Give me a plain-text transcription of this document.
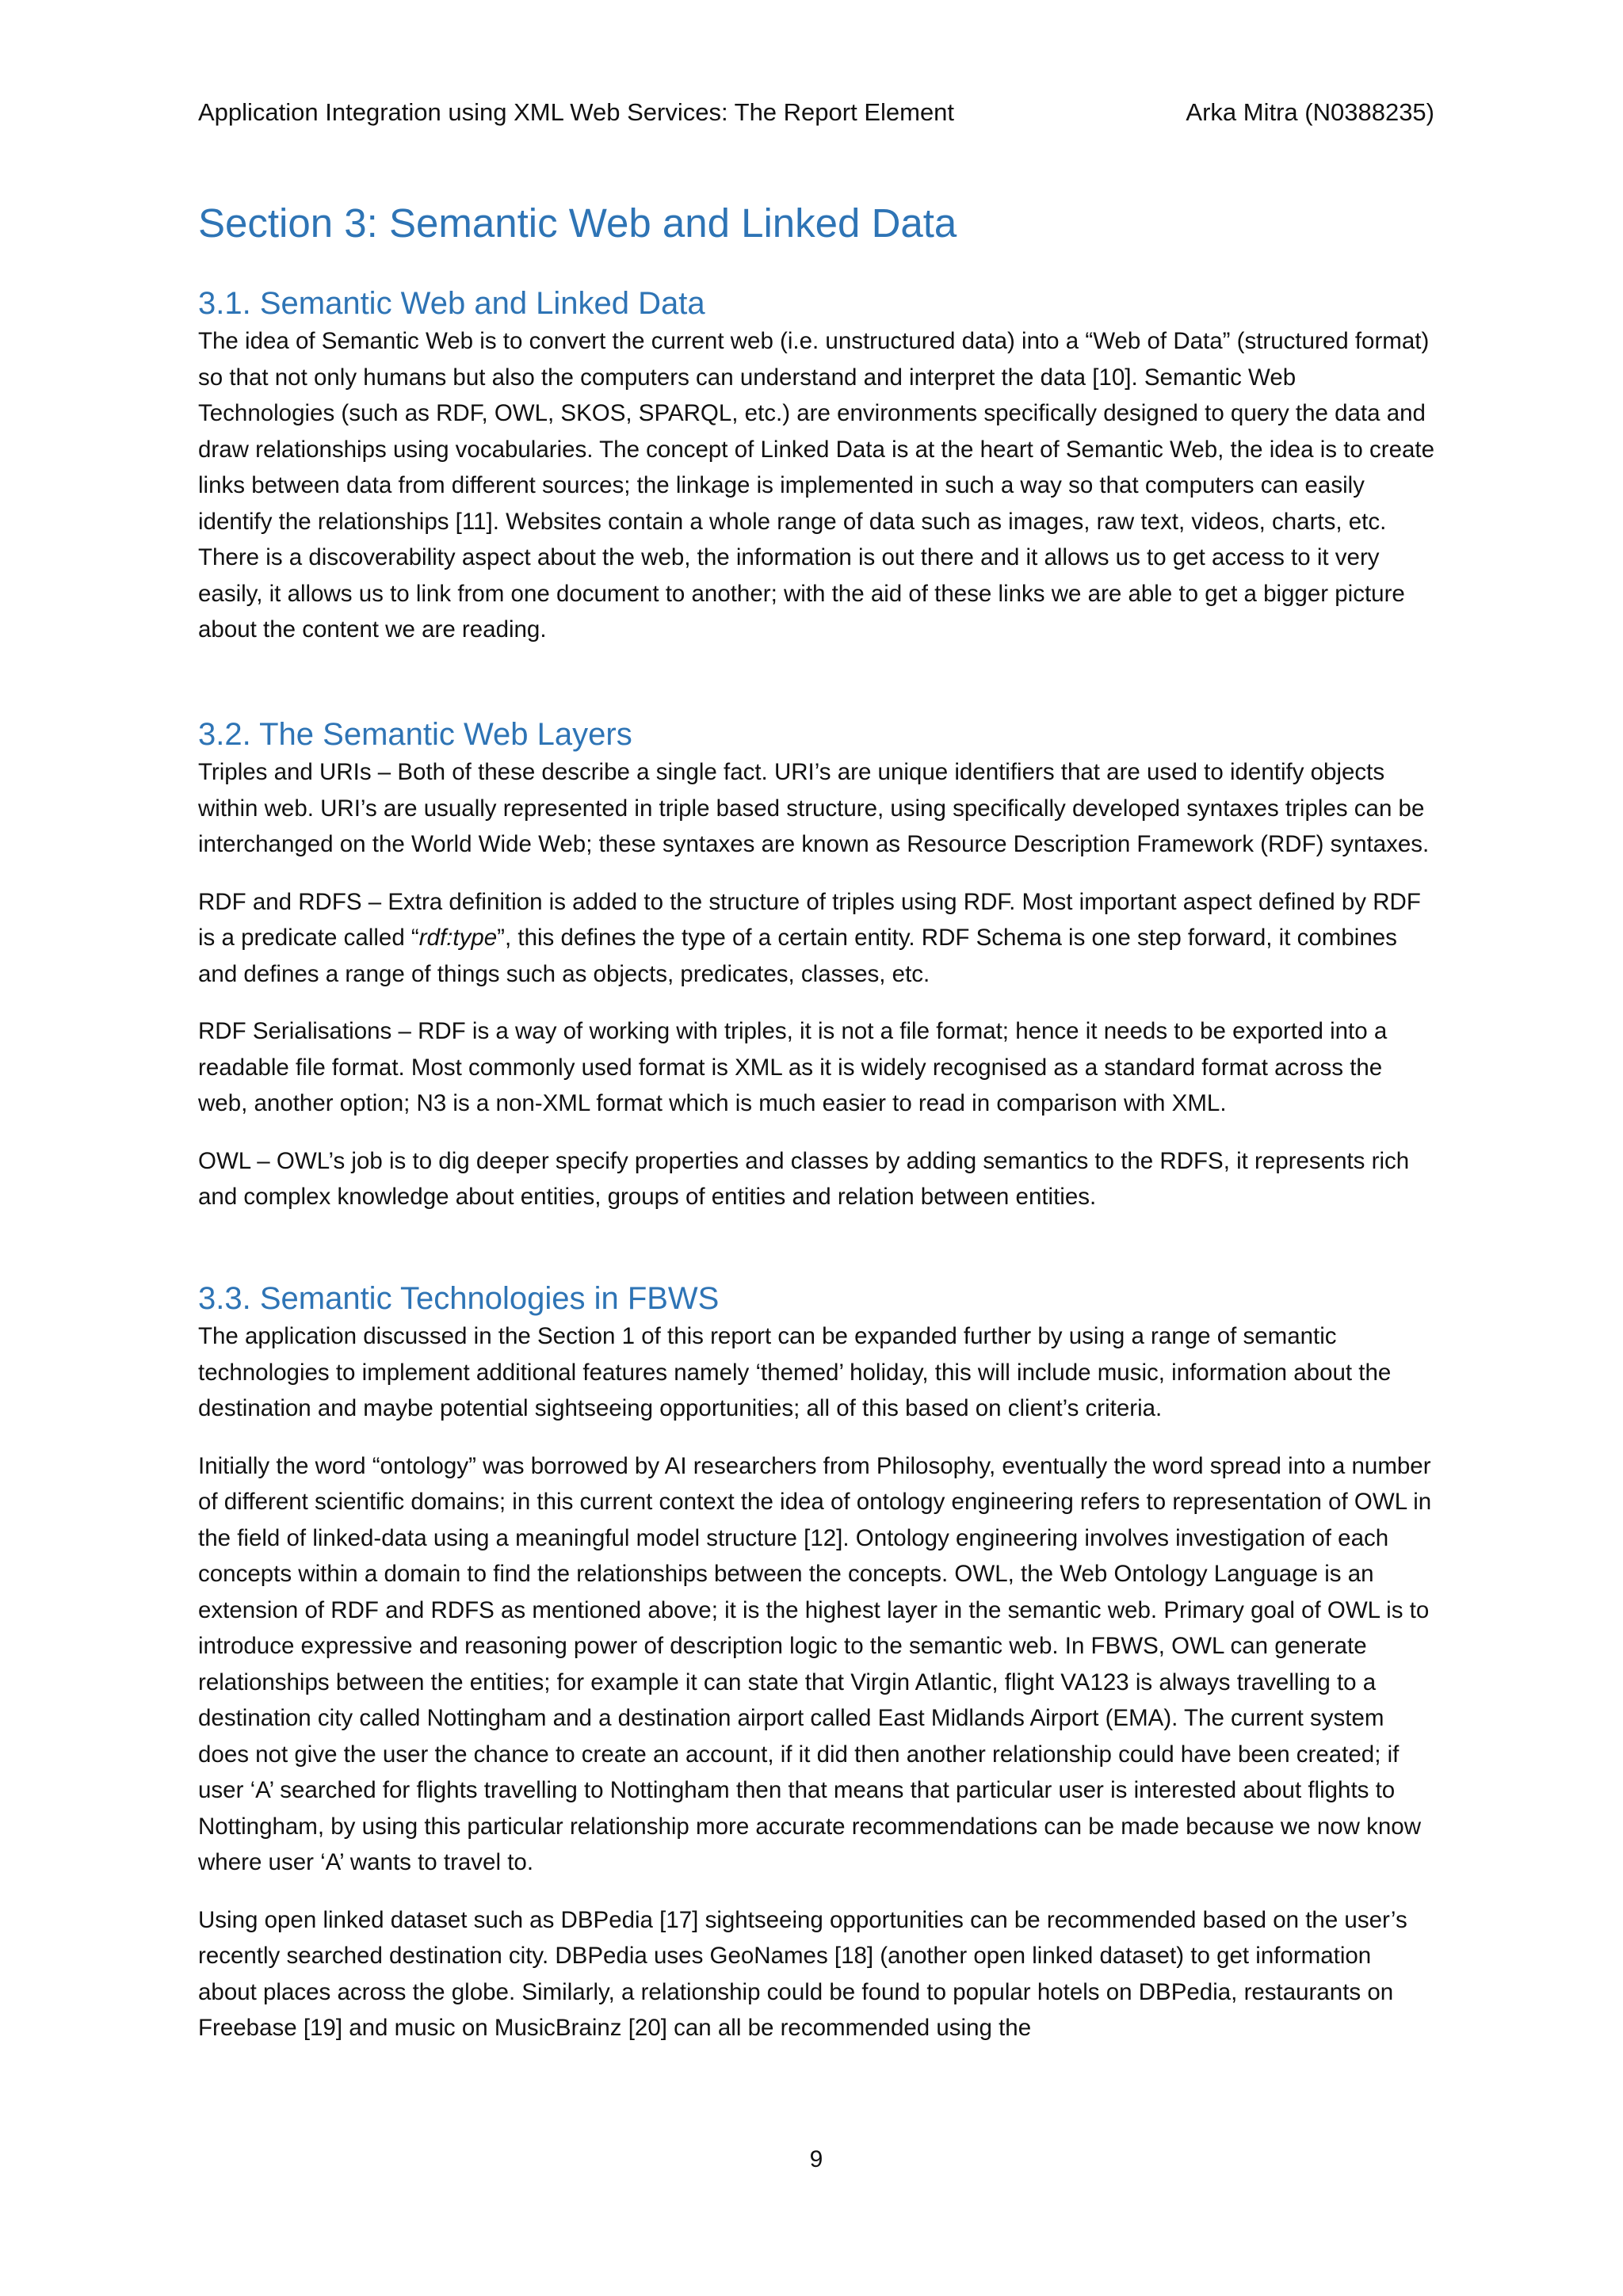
Application Integration using XML Web Services: The Report Element	Arka Mitra (N0388235)
Section 3: Semantic Web and Linked Data
3.1. Semantic Web and Linked Data

The idea of Semantic Web is to convert the current web (i.e. unstructured data) into a “Web of Data” (structured format) so that not only humans but also the computers can understand and interpret the data [10]. Semantic Web Technologies (such as RDF, OWL, SKOS, SPARQL, etc.) are environments specifically designed to query the data and draw relationships using vocabularies. The concept of Linked Data is at the heart of Semantic Web, the idea is to create links between data from different sources; the linkage is implemented in such a way so that computers can easily identify the relationships [11]. Websites contain a whole range of data such as images, raw text, videos, charts, etc. There is a discoverability aspect about the web, the information is out there and it allows us to get access to it very easily, it allows us to link from one document to another; with the aid of these links we are able to get a bigger picture about the content we are reading.

3.2. The Semantic Web Layers

Triples and URIs – Both of these describe a single fact. URI’s are unique identifiers that are used to identify objects within web. URI’s are usually represented in triple based structure, using specifically developed syntaxes triples can be interchanged on the World Wide Web; these syntaxes are known as Resource Description Framework (RDF) syntaxes.

RDF and RDFS – Extra definition is added to the structure of triples using RDF. Most important aspect defined by RDF is a predicate called “rdf:type”, this defines the type of a certain entity. RDF Schema is one step forward, it combines and defines a range of things such as objects, predicates, classes, etc.

RDF Serialisations – RDF is a way of working with triples, it is not a file format; hence it needs to be exported into a readable file format. Most commonly used format is XML as it is widely recognised as a standard format across the web, another option; N3 is a non-XML format which is much easier to read in comparison with XML.

OWL – OWL’s job is to dig deeper specify properties and classes by adding semantics to the RDFS, it represents rich and complex knowledge about entities, groups of entities and relation between entities.

3.3. Semantic Technologies in FBWS

The application discussed in the Section 1 of this report can be expanded further by using a range of semantic technologies to implement additional features namely ‘themed’ holiday, this will include music, information about the destination and maybe potential sightseeing opportunities; all of this based on client’s criteria.

Initially the word “ontology” was borrowed by AI researchers from Philosophy, eventually the word spread into a number of different scientific domains; in this current context the idea of ontology engineering refers to representation of OWL in the field of linked-data using a meaningful model structure [12]. Ontology engineering involves investigation of each concepts within a domain to find the relationships between the concepts. OWL, the Web Ontology Language is an extension of RDF and RDFS as mentioned above; it is the highest layer in the semantic web. Primary goal of OWL is to introduce expressive and reasoning power of description logic to the semantic web. In FBWS, OWL can generate relationships between the entities; for example it can state that Virgin Atlantic, flight VA123 is always travelling to a destination city called Nottingham and a destination airport called East Midlands Airport (EMA). The current system does not give the user the chance to create an account, if it did then another relationship could have been created; if user ‘A’ searched for flights travelling to Nottingham then that means that particular user is interested about flights to Nottingham, by using this particular relationship more accurate recommendations can be made because we now know where user ‘A’ wants to travel to.

Using open linked dataset such as DBPedia [17] sightseeing opportunities can be recommended based on the user’s recently searched destination city. DBPedia uses GeoNames [18] (another open linked dataset) to get information about places across the globe. Similarly, a relationship could be found to popular hotels on DBPedia, restaurants on Freebase [19] and music on MusicBrainz [20] can all be recommended using the

9
